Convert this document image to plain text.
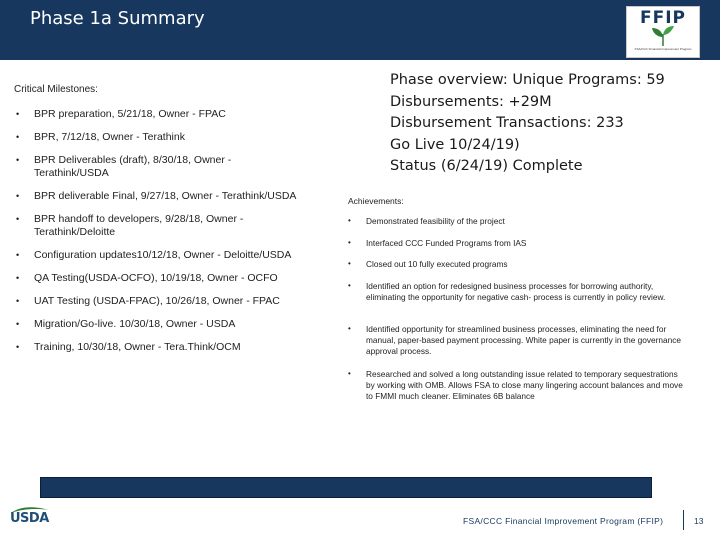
Phase 1a Summary	FFIP
FSA/CCC Financial Improvement Program
Critical Milestones:
• BPR preparation, 5/21/18, Owner - FPAC
• BPR, 7/12/18, Owner - Terathink
• BPR Deliverables (draft), 8/30/18, Owner - Terathink/USDA
• BPR deliverable Final, 9/27/18, Owner - Terathink/USDA
• BPR handoff to developers, 9/28/18, Owner - Terathink/Deloitte
• Configuration updates10/12/18, Owner - Deloitte/USDA
• QA Testing(USDA-OCFO), 10/19/18, Owner - OCFO
• UAT Testing (USDA-FPAC), 10/26/18, Owner - FPAC
• Migration/Go-live. 10/30/18, Owner - USDA
• Training, 10/30/18, Owner - Tera.Think/OCM
Phase overview: Unique Programs: 59
Disbursements: +29M
Disbursement Transactions: 233
Go Live 10/24/19)
Status (6/24/19) Complete
Achievements:
• Demonstrated feasibility of the project
• Interfaced CCC Funded Programs from IAS
• Closed out 10 fully executed programs
• Identified an option for redesigned business processes for borrowing authority, eliminating the opportunity for negative cash- process is currently in policy review.
• Identified opportunity for streamlined business processes, eliminating the need for manual, paper-based payment processing. White paper is currently in the governance approval process.
• Researched and solved a long outstanding issue related to temporary sequestrations by working with OMB. Allows FSA to close many lingering account balances and move to FMMI much cleaner. Eliminates 6B balance
USDA	FSA/CCC Financial Improvement Program (FFIP)	13
